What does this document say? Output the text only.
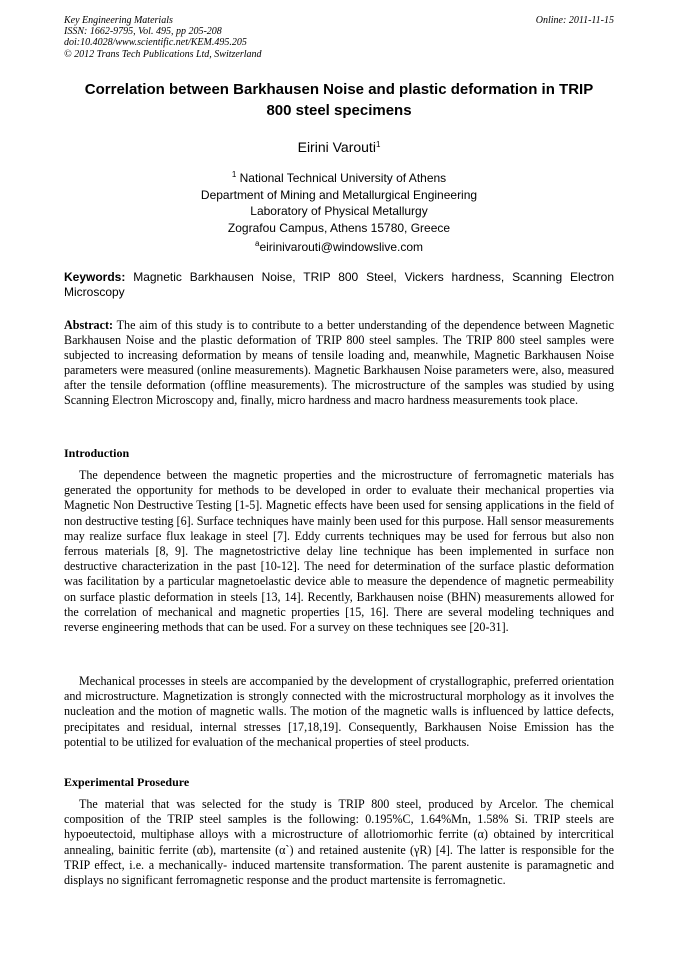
Key Engineering Materials
ISSN: 1662-9795, Vol. 495, pp 205-208
doi:10.4028/www.scientific.net/KEM.495.205
© 2012 Trans Tech Publications Ltd, Switzerland
Online: 2011-11-15
Correlation between Barkhausen Noise and plastic deformation in TRIP
800 steel specimens
Eirini Varouti$^1$
$^1$ National Technical University of Athens
Department of Mining and Metallurgical Engineering
Laboratory of Physical Metallurgy
Zografou Campus, Athens 15780, Greece
$^a$eirinivarouti@windowslive.com
Keywords: Magnetic Barkhausen Noise, TRIP 800 Steel, Vickers hardness, Scanning Electron Microscopy
Abstract: The aim of this study is to contribute to a better understanding of the dependence between Magnetic Barkhausen Noise and the plastic deformation of TRIP 800 steel samples. The TRIP 800 steel samples were subjected to increasing deformation by means of tensile loading and, meanwhile, Magnetic Barkhausen Noise parameters were measured (online measurements). Magnetic Barkhausen Noise parameters were, also, measured after the tensile deformation (offline measurements). The microstructure of the samples was studied by using Scanning Electron Microscopy and, finally, micro hardness and macro hardness measurements took place.
Introduction

The dependence between the magnetic properties and the microstructure of ferromagnetic materials has generated the opportunity for methods to be developed in order to evaluate their mechanical properties via Magnetic Non Destructive Testing [1-5]. Magnetic effects have been used for sensing applications in the field of non destructive testing [6]. Surface techniques have mainly been used for this purpose. Hall sensor measurements may realize surface flux leakage in steel [7]. Eddy currents techniques may be used for ferrous but also non ferrous materials [8, 9]. The magnetostrictive delay line technique has been implemented in surface non destructive characterization in the past [10-12]. The need for determination of the surface plastic deformation was facilitation by a particular magnetoelastic device able to measure the dependence of magnetic permeability on surface plastic deformation in steels [13, 14]. Recently, Barkhausen noise (BHN) measurements allowed for the correlation of mechanical and magnetic properties [15, 16]. There are several modeling techniques and reverse engineering methods that can be used. For a survey on these techniques see [20-31].

Mechanical processes in steels are accompanied by the development of crystallographic, preferred orientation and microstructure. Magnetization is strongly connected with the microstructural morphology as it involves the nucleation and the motion of magnetic walls. The motion of the magnetic walls is influenced by lattice defects, precipitates and residual, internal stresses [17,18,19]. Consequently, Barkhausen Noise Emission has the potential to be utilized for evaluation of the mechanical properties of steel products.

Experimental Prosedure

The material that was selected for the study is TRIP 800 steel, produced by Arcelor. The chemical composition of the TRIP steel samples is the following: 0.195%C, 1.64%Mn, 1.58% Si. TRIP steels are hypoeutectoid, multiphase alloys with a microstructure of allotriomorhic ferrite (α) obtained by intercritical annealing, bainitic ferrite (αb), martensite (α`) and retained austenite (γR) [4]. The latter is responsible for the TRIP effect, i.e. a mechanically- induced martensite transformation. The parent austenite is paramagnetic and displays no significant ferromagnetic response and the product martensite is ferromagnetic.
